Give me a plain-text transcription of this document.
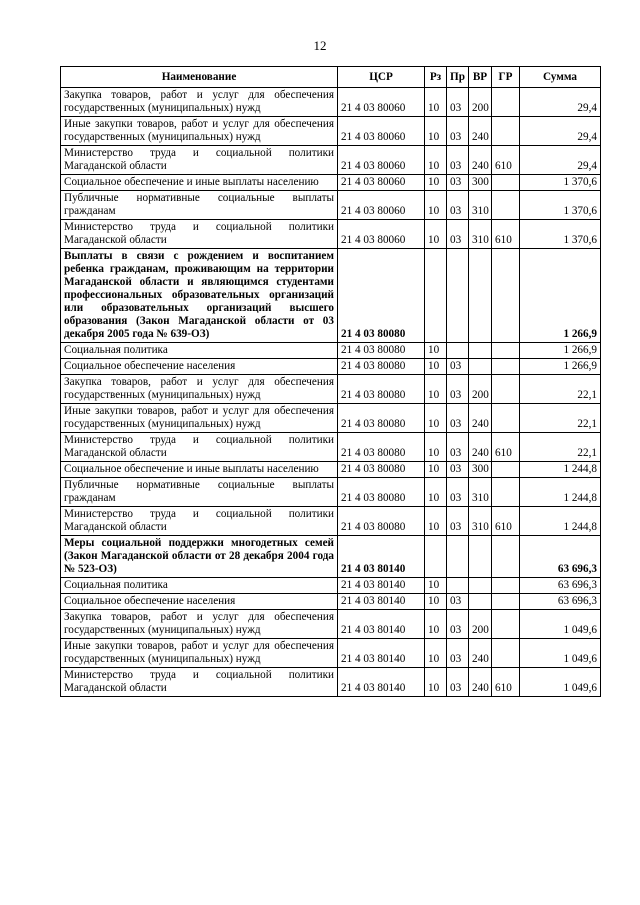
12
Наименование	ЦСР	Рз	Пр	ВР	ГР	Сумма
Закупка товаров, работ и услуг для обеспечения государственных (муниципальных) нужд	21 4 03 80060	10	03	200		29,4
Иные закупки товаров, работ и услуг для обеспечения государственных (муниципальных) нужд	21 4 03 80060	10	03	240		29,4
Министерство труда и социальной политики Магаданской области	21 4 03 80060	10	03	240	610	29,4
Социальное обеспечение и иные выплаты населению	21 4 03 80060	10	03	300		1 370,6
Публичные нормативные социальные выплаты гражданам	21 4 03 80060	10	03	310		1 370,6
Министерство труда и социальной политики Магаданской области	21 4 03 80060	10	03	310	610	1 370,6
Выплаты в связи с рождением и воспитанием ребенка гражданам, проживающим на территории Магаданской области и являющимся студентами профессиональных образовательных организаций или образовательных организаций высшего образования (Закон Магаданской области от 03 декабря 2005 года № 639-ОЗ)	21 4 03 80080					1 266,9
Социальная политика	21 4 03 80080	10				1 266,9
Социальное обеспечение населения	21 4 03 80080	10	03			1 266,9
Закупка товаров, работ и услуг для обеспечения государственных (муниципальных) нужд	21 4 03 80080	10	03	200		22,1
Иные закупки товаров, работ и услуг для обеспечения государственных (муниципальных) нужд	21 4 03 80080	10	03	240		22,1
Министерство труда и социальной политики Магаданской области	21 4 03 80080	10	03	240	610	22,1
Социальное обеспечение и иные выплаты населению	21 4 03 80080	10	03	300		1 244,8
Публичные нормативные социальные выплаты гражданам	21 4 03 80080	10	03	310		1 244,8
Министерство труда и социальной политики Магаданской области	21 4 03 80080	10	03	310	610	1 244,8
Меры социальной поддержки многодетных семей (Закон Магаданской области от 28 декабря 2004 года № 523-ОЗ)	21 4 03 80140					63 696,3
Социальная политика	21 4 03 80140	10				63 696,3
Социальное обеспечение населения	21 4 03 80140	10	03			63 696,3
Закупка товаров, работ и услуг для обеспечения государственных (муниципальных) нужд	21 4 03 80140	10	03	200		1 049,6
Иные закупки товаров, работ и услуг для обеспечения государственных (муниципальных) нужд	21 4 03 80140	10	03	240		1 049,6
Министерство труда и социальной политики Магаданской области	21 4 03 80140	10	03	240	610	1 049,6
